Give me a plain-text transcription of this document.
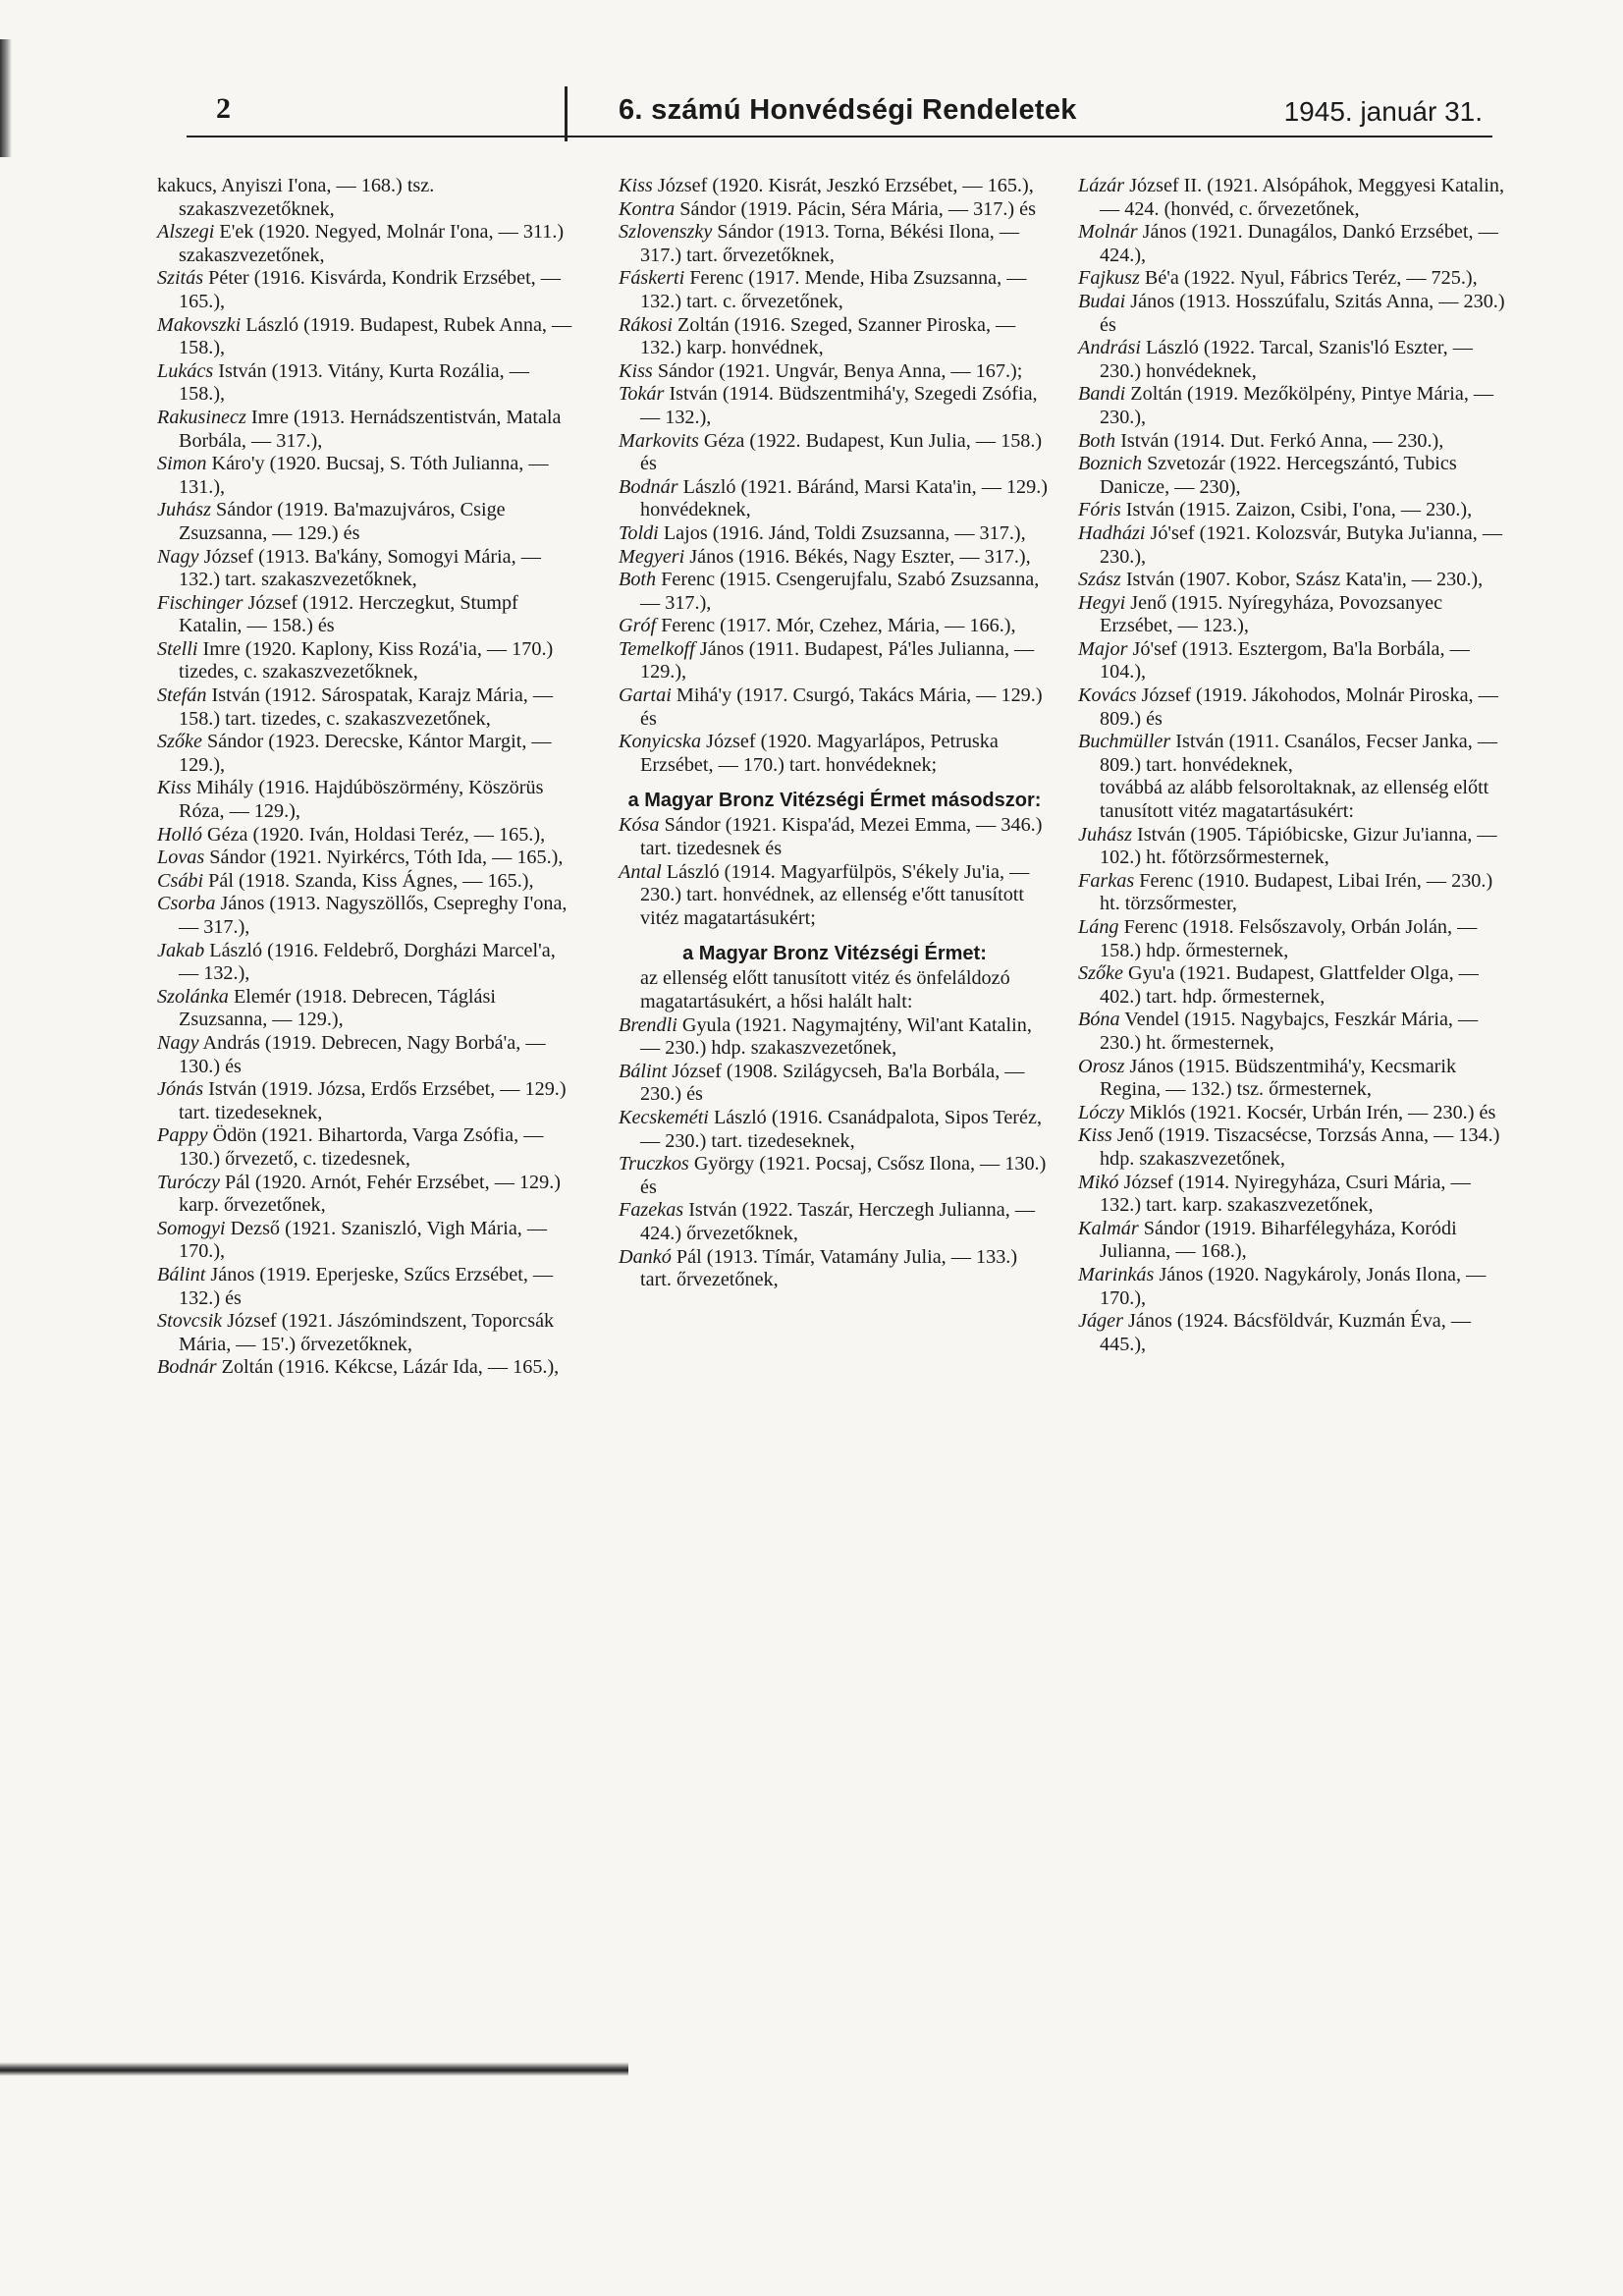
2	6. számú Honvédségi Rendeletek	1945. január 31.

kakucs, Anyiszi I'ona, — 168.) tsz. szakaszvezetőknek,

Alszegi E'ek (1920. Negyed, Molnár I'ona, — 311.) szakaszvezetőnek,

Szitás Péter (1916. Kisvárda, Kondrik Erzsébet, — 165.),

Makovszki László (1919. Budapest, Rubek Anna, — 158.),

Lukács István (1913. Vitány, Kurta Rozália, — 158.),

Rakusinecz Imre (1913. Hernádszentistván, Matala Borbála, — 317.),

Simon Káro'y (1920. Bucsaj, S. Tóth Julianna, — 131.),

Juhász Sándor (1919. Ba'mazujváros, Csige Zsuzsanna, — 129.) és

Nagy József (1913. Ba'kány, Somogyi Mária, — 132.) tart. szakaszvezetőknek,

Fischinger József (1912. Herczegkut, Stumpf Katalin, — 158.) és

Stelli Imre (1920. Kaplony, Kiss Rozá'ia, — 170.) tizedes, c. szakaszvezetőknek,

Stefán István (1912. Sárospatak, Karajz Mária, — 158.) tart. tizedes, c. szakaszvezetőnek,

Szőke Sándor (1923. Derecske, Kántor Margit, — 129.),

Kiss Mihály (1916. Hajdúböszörmény, Köszörüs Róza, — 129.),

Holló Géza (1920. Iván, Holdasi Teréz, — 165.),

Lovas Sándor (1921. Nyirkércs, Tóth Ida, — 165.),

Csábi Pál (1918. Szanda, Kiss Ágnes, — 165.),

Csorba János (1913. Nagyszöllős, Csepreghy I'ona, — 317.),

Jakab László (1916. Feldebrő, Dorgházi Marcel'a, — 132.),

Szolánka Elemér (1918. Debrecen, Táglási Zsuzsanna, — 129.),

Nagy András (1919. Debrecen, Nagy Borbá'a, — 130.) és

Jónás István (1919. Józsa, Erdős Erzsébet, — 129.) tart. tizedeseknek,

Pappy Ödön (1921. Bihartorda, Varga Zsófia, — 130.) őrvezető, c. tizedesnek,

Turóczy Pál (1920. Arnót, Fehér Erzsébet, — 129.) karp. őrvezetőnek,

Somogyi Dezső (1921. Szaniszló, Vigh Mária, — 170.),

Bálint János (1919. Eperjeske, Szűcs Erzsébet, — 132.) és

Stovcsik József (1921. Jászómindszent, Toporcsák Mária, — 15'.) őrvezetőknek,

Bodnár Zoltán (1916. Kékcse, Lázár Ida, — 165.),

Kiss József (1920. Kisrát, Jeszkó Erzsébet, — 165.),

Kontra Sándor (1919. Pácin, Séra Mária, — 317.) és

Szlovenszky Sándor (1913. Torna, Békési Ilona, — 317.) tart. őrvezetőknek,

Fáskerti Ferenc (1917. Mende, Hiba Zsuzsanna, — 132.) tart. c. őrvezetőnek,

Rákosi Zoltán (1916. Szeged, Szanner Piroska, — 132.) karp. honvédnek,

Kiss Sándor (1921. Ungvár, Benya Anna, — 167.);

Tokár István (1914. Büdszentmihá'y, Szegedi Zsófia, — 132.),

Markovits Géza (1922. Budapest, Kun Julia, — 158.) és

Bodnár László (1921. Báránd, Marsi Kata'in, — 129.) honvédeknek,

Toldi Lajos (1916. Jánd, Toldi Zsuzsanna, — 317.),

Megyeri János (1916. Békés, Nagy Eszter, — 317.),

Both Ferenc (1915. Csengerujfalu, Szabó Zsuzsanna, — 317.),

Gróf Ferenc (1917. Mór, Czehez, Mária, — 166.),

Temelkoff János (1911. Budapest, Pá'les Julianna, — 129.),

Gartai Mihá'y (1917. Csurgó, Takács Mária, — 129.) és

Konyicska József (1920. Magyarlápos, Petruska Erzsébet, — 170.) tart. honvédeknek;

a Magyar Bronz Vitézségi Érmet másodszor:

Kósa Sándor (1921. Kispa'ád, Mezei Emma, — 346.) tart. tizedesnek és

Antal László (1914. Magyarfülpös, S'ékely Ju'ia, — 230.) tart. honvédnek, az ellenség e'őtt tanusított vitéz magatartásukért;

a Magyar Bronz Vitézségi Érmet:

az ellenség előtt tanusított vitéz és önfeláldozó magatartásukért, a hősi halált halt:

Brendli Gyula (1921. Nagymajtény, Wil'ant Katalin, — 230.) hdp. szakaszvezetőnek,

Bálint József (1908. Szilágycseh, Ba'la Borbála, — 230.) és

Kecskeméti László (1916. Csanádpalota, Sipos Teréz, — 230.) tart. tizedeseknek,

Truczkos György (1921. Pocsaj, Csősz Ilona, — 130.) és

Fazekas István (1922. Taszár, Herczegh Julianna, — 424.) őrvezetőknek,

Dankó Pál (1913. Tímár, Vatamány Julia, — 133.) tart. őrvezetőnek,

Lázár József II. (1921. Alsópáhok, Meggyesi Katalin, — 424. (honvéd, c. őrvezetőnek,

Molnár János (1921. Dunagálos, Dankó Erzsébet, — 424.),

Fajkusz Bé'a (1922. Nyul, Fábrics Teréz, — 725.),

Budai János (1913. Hosszúfalu, Szitás Anna, — 230.) és

Andrási László (1922. Tarcal, Szanis'ló Eszter, — 230.) honvédeknek,

Bandi Zoltán (1919. Mezőkölpény, Pintye Mária, — 230.),

Both István (1914. Dut. Ferkó Anna, — 230.),

Boznich Szvetozár (1922. Hercegszántó, Tubics Danicze, — 230),

Fóris István (1915. Zaizon, Csibi, I'ona, — 230.),

Hadházi Jó'sef (1921. Kolozsvár, Butyka Ju'ianna, — 230.),

Szász István (1907. Kobor, Szász Kata'in, — 230.),

Hegyi Jenő (1915. Nyíregyháza, Povozsanyec Erzsébet, — 123.),

Major Jó'sef (1913. Esztergom, Ba'la Borbála, — 104.),

Kovács József (1919. Jákohodos, Molnár Piroska, — 809.) és

Buchmüller István (1911. Csanálos, Fecser Janka, — 809.) tart. honvédeknek,

továbbá az alább felsoroltaknak, az ellenség előtt tanusított vitéz magatartásukért:

Juhász István (1905. Tápióbicske, Gizur Ju'ianna, — 102.) ht. főtörzsőrmesternek,

Farkas Ferenc (1910. Budapest, Libai Irén, — 230.) ht. törzsőrmester,

Láng Ferenc (1918. Felsőszavoly, Orbán Jolán, — 158.) hdp. őrmesternek,

Szőke Gyu'a (1921. Budapest, Glattfelder Olga, — 402.) tart. hdp. őrmesternek,

Bóna Vendel (1915. Nagybajcs, Feszkár Mária, — 230.) ht. őrmesternek,

Orosz János (1915. Büdszentmihá'y, Kecsmarik Regina, — 132.) tsz. őrmesternek,

Lóczy Miklós (1921. Kocsér, Urbán Irén, — 230.) és

Kiss Jenő (1919. Tiszacsécse, Torzsás Anna, — 134.) hdp. szakaszvezetőnek,

Mikó József (1914. Nyiregyháza, Csuri Mária, — 132.) tart. karp. szakaszvezetőnek,

Kalmár Sándor (1919. Biharfélegyháza, Koródi Julianna, — 168.),

Marinkás János (1920. Nagykároly, Jonás Ilona, — 170.),

Jáger János (1924. Bácsföldvár, Kuzmán Éva, — 445.),
